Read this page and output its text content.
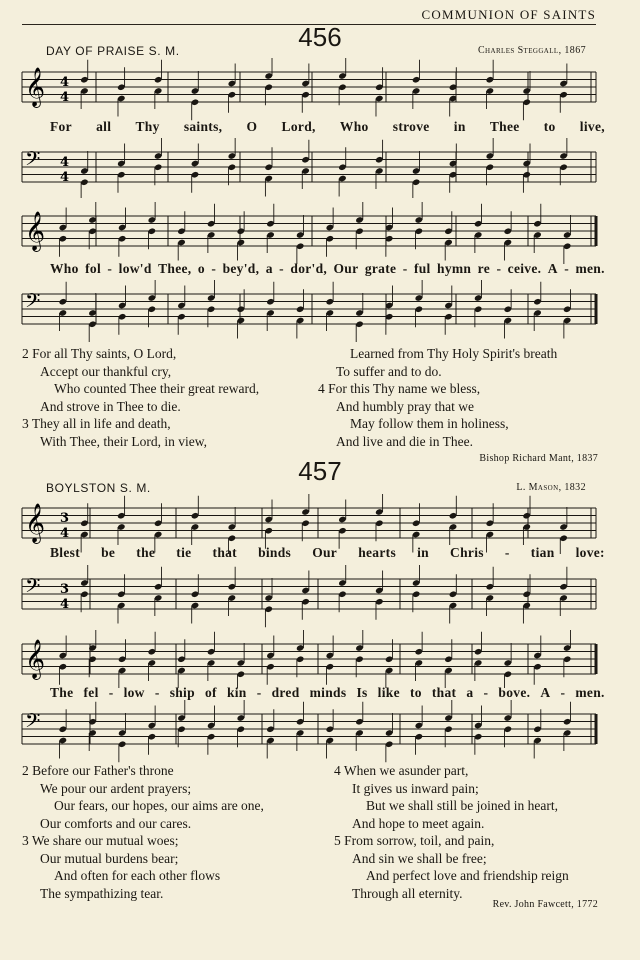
COMMUNION OF SAINTS
456
DAY OF PRAISE S. M.	Charles Steggall, 1867
𝄞 4
4
For all Thy saints, O Lord, Who strove in Thee to live,
𝄢 4
4
𝄞
Who fol - low'd Thee, o - bey'd, a - dor'd, Our grate - ful hymn re - ceive. A - men.
𝄢
2 For all Thy saints, O Lord,
Accept our thankful cry,
Who counted Thee their great reward,
And strove in Thee to die.
3 They all in life and death,
With Thee, their Lord, in view,
Learned from Thy Holy Spirit's breath
To suffer and to do.
4 For this Thy name we bless,
And humbly pray that we
May follow them in holiness,
And live and die in Thee.
Bishop Richard Mant, 1837
457
BOYLSTON S. M.	L. Mason, 1832
𝄞 3
4
Blest be the tie that binds Our hearts in Chris - tian love:
𝄢 3
4
𝄞
The fel - low - ship of kin - dred minds Is like to that a - bove. A - men.
𝄢
2 Before our Father's throne
We pour our ardent prayers;
Our fears, our hopes, our aims are one,
Our comforts and our cares.
3 We share our mutual woes;
Our mutual burdens bear;
And often for each other flows
The sympathizing tear.
4 When we asunder part,
It gives us inward pain;
But we shall still be joined in heart,
And hope to meet again.
5 From sorrow, toil, and pain,
And sin we shall be free;
And perfect love and friendship reign
Through all eternity.
Rev. John Fawcett, 1772
